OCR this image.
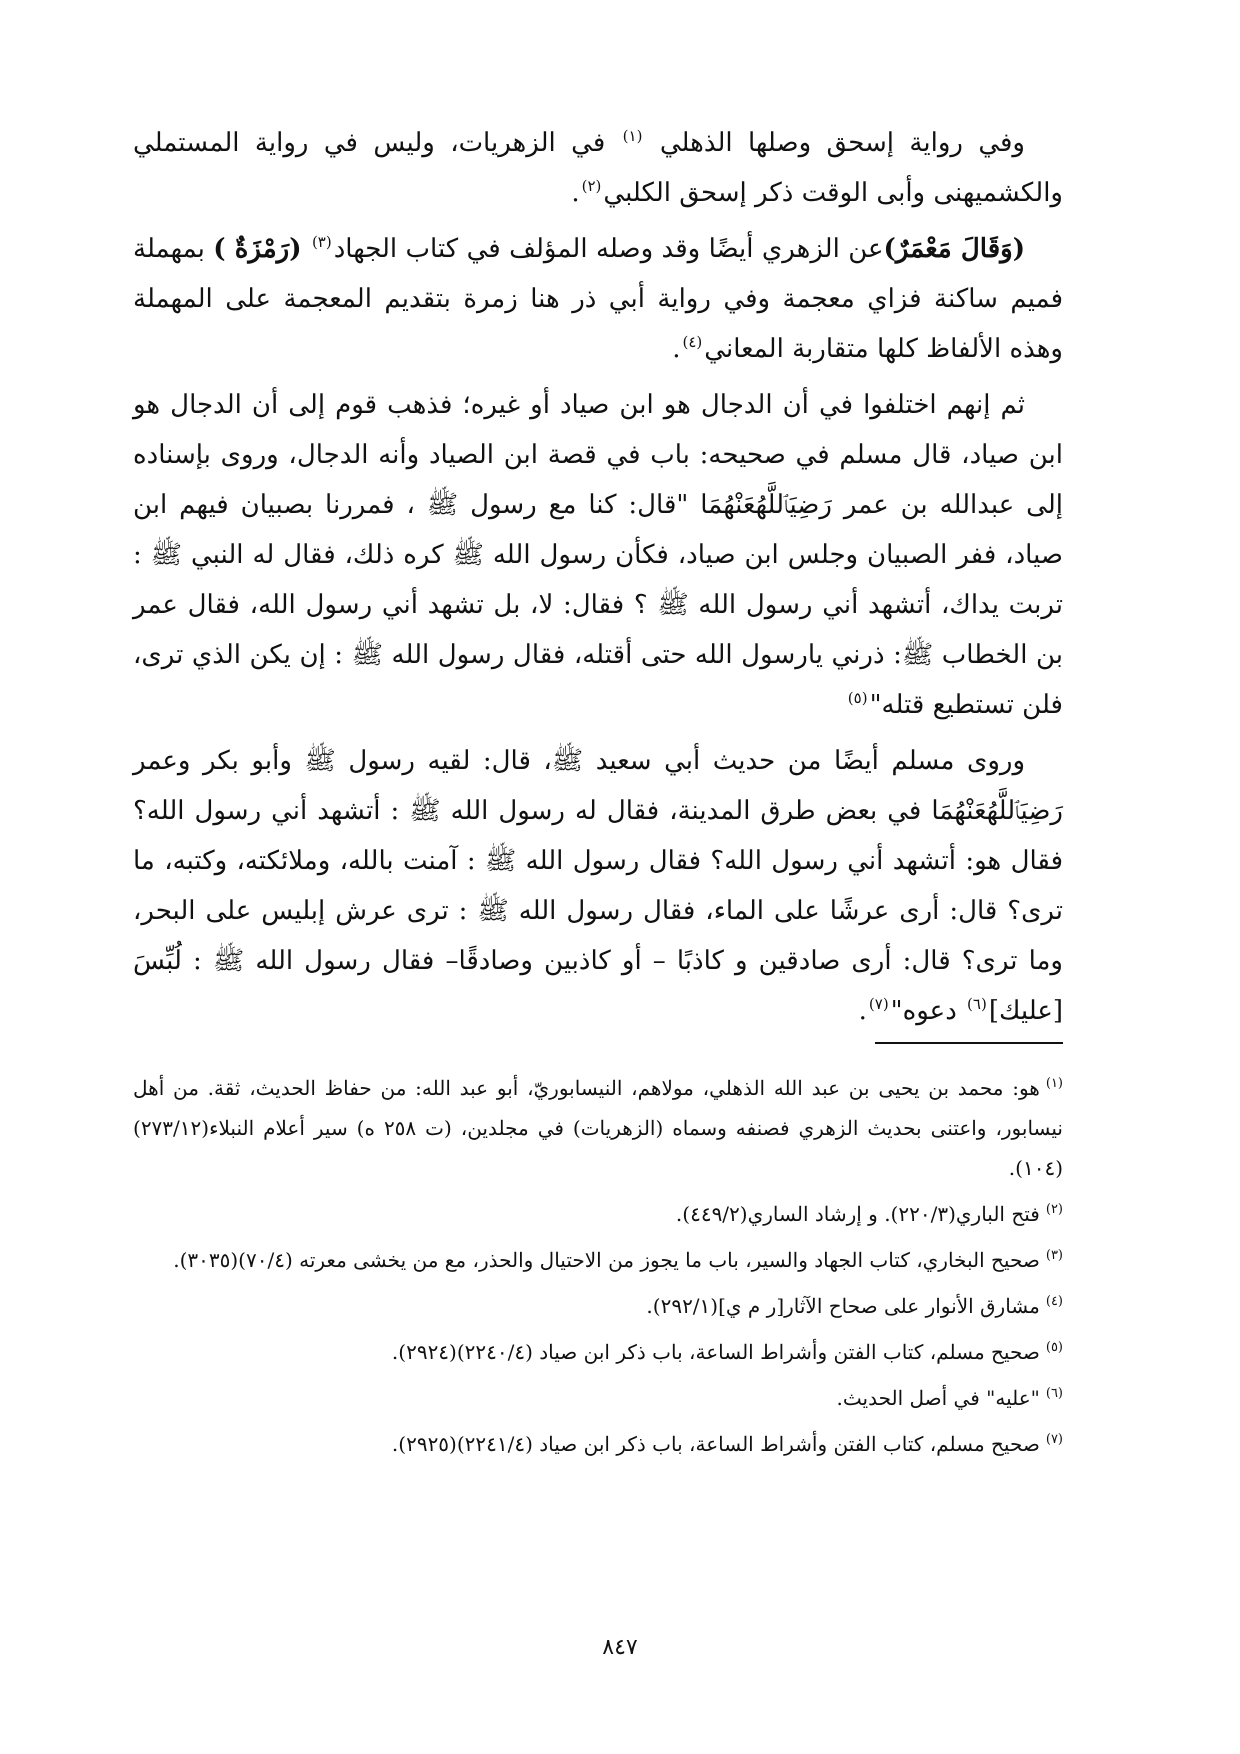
وفي رواية إسحق وصلها الذهلي $^{(١)}$ في الزهريات، وليس في رواية المستملي والكشميهنى وأبى الوقت ذكر إسحق الكلبي$^{(٢)}$.

(وَقَالَ مَعْمَرٌ)عن الزهري أيضًا وقد وصله المؤلف في كتاب الجهاد$^{(٣)}$ (رَمْزَةٌ ) بمهملة فميم ساكنة فزاي معجمة وفي رواية أبي ذر هنا زمرة بتقديم المعجمة على المهملة وهذه الألفاظ كلها متقاربة المعاني$^{(٤)}$.

ثم إنهم اختلفوا في أن الدجال هو ابن صياد أو غيره؛ فذهب قوم إلى أن الدجال هو ابن صياد، قال مسلم في صحيحه: باب في قصة ابن الصياد وأنه الدجال، وروى بإسناده إلى عبدالله بن عمر رَضِيَٱللَّهُعَنْهُمَا "قال: كنا مع رسول ﷺ ، فمررنا بصبيان فيهم ابن صياد، ففر الصبيان وجلس ابن صياد، فكأن رسول الله ﷺ كره ذلك، فقال له النبي ﷺ : تربت يداك، أتشهد أني رسول الله ﷺ ؟ فقال: لا، بل تشهد أني رسول الله، فقال عمر بن الخطاب ﷺ: ذرني يارسول الله حتى أقتله، فقال رسول الله ﷺ : إن يكن الذي ترى، فلن تستطيع قتله"$^{(٥)}$

وروى مسلم أيضًا من حديث أبي سعيد ﷺ، قال: لقيه رسول ﷺ وأبو بكر وعمر رَضِيَٱللَّهُعَنْهُمَا في بعض طرق المدينة، فقال له رسول الله ﷺ : أتشهد أني رسول الله؟ فقال هو: أتشهد أني رسول الله؟ فقال رسول الله ﷺ : آمنت بالله، وملائكته، وكتبه، ما ترى؟ قال: أرى عرشًا على الماء، فقال رسول الله ﷺ : ترى عرش إبليس على البحر، وما ترى؟ قال: أرى صادقين و كاذبًا – أو كاذبين وصادقًا– فقال رسول الله ﷺ : لُبِّسَ [عليك]$^{(٦)}$ دعوه"$^{(٧)}$.

$^{(١)}$هو: محمد بن يحيى بن عبد الله الذهلي، مولاهم، النيسابوريّ، أبو عبد الله: من حفاظ الحديث، ثقة. من أهل نيسابور، واعتنى بحديث الزهري فصنفه وسماه (الزهريات) في مجلدين، (ت ٢٥٨ ه) سير أعلام النبلاء(٢٧٣/١٢)(١٠٤).

$^{(٢)}$فتح الباري(٢٢٠/٣). و إرشاد الساري(٤٤٩/٢).

$^{(٣)}$صحيح البخاري، كتاب الجهاد والسير، باب ما يجوز من الاحتيال والحذر، مع من يخشى معرته (٧٠/٤)(٣٠٣٥).

$^{(٤)}$مشارق الأنوار على صحاح الآثار[ر م ي](٢٩٢/١).

$^{(٥)}$صحيح مسلم، كتاب الفتن وأشراط الساعة، باب ذكر ابن صياد (٢٢٤٠/٤)(٢٩٢٤).

$^{(٦)}$"عليه" في أصل الحديث.

$^{(٧)}$صحيح مسلم، كتاب الفتن وأشراط الساعة، باب ذكر ابن صياد (٢٢٤١/٤)(٢٩٢٥).

٨٤٧
